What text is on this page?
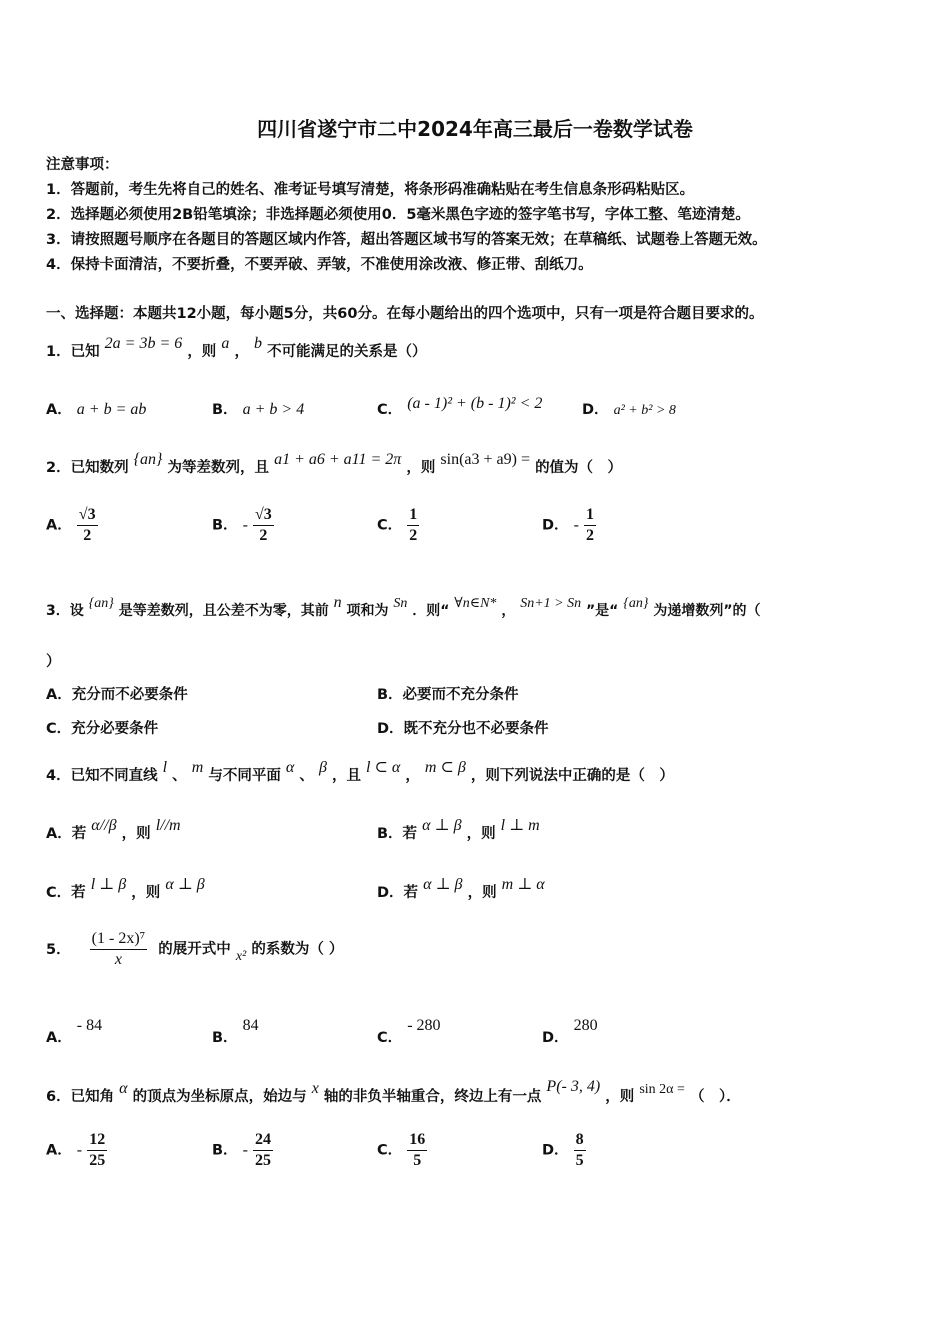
四川省遂宁市二中2024年高三最后一卷数学试卷
注意事项：
1．答题前，考生先将自己的姓名、准考证号填写清楚，将条形码准确粘贴在考生信息条形码粘贴区。
2．选择题必须使用2B铅笔填涂；非选择题必须使用0．5毫米黑色字迹的签字笔书写，字体工整、笔迹清楚。
3．请按照题号顺序在各题目的答题区域内作答，超出答题区域书写的答案无效；在草稿纸、试题卷上答题无效。
4．保持卡面清洁，不要折叠，不要弄破、弄皱，不准使用涂改液、修正带、刮纸刀。
一、选择题：本题共12小题，每小题5分，共60分。在每小题给出的四个选项中，只有一项是符合题目要求的。
1．已知 2a = 3b = 6 ，则 a ， b 不可能满足的关系是（）
A． a + b = ab	B． a + b > 4	C． (a - 1)² + (b - 1)² < 2	D． a² + b² > 8
2．已知数列 {an} 为等差数列，且 a1 + a6 + a11 = 2π ，则 sin(a3 + a9) = 的值为（　）
A． $\frac{√3}{2}$	B． - $\frac{√3}{2}$	C． $\frac{1}{2}$	D． - $\frac{1}{2}$
3．设 {an} 是等差数列，且公差不为零，其前 n 项和为 Sn ．则“ ∀n∈N* ， Sn+1 > Sn ”是“ {an} 为递增数列”的（
）
A．充分而不必要条件	B．必要而不充分条件
C．充分必要条件	D．既不充分也不必要条件
4．已知不同直线 l 、 m 与不同平面 α 、 β ，且 l ⊂ α ， m ⊂ β ，则下列说法中正确的是（　）
A．若 α//β ，则 l//m	B．若 α ⊥ β ，则 l ⊥ m
C．若 l ⊥ β ，则 α ⊥ β	D．若 α ⊥ β ，则 m ⊥ α
5． $\frac{\text{(1 - 2x)⁷}}{x}$ 的展开式中 x² 的系数为（ ）
A． - 84
B． 84
C． - 280
D． 280
6．已知角 α 的顶点为坐标原点，始边与 x 轴的非负半轴重合，终边上有一点 P(- 3, 4) ，则 sin 2α = （　）．
A． - $\frac{12}{25}$	B． - $\frac{24}{25}$	C． $\frac{16}{5}$	D． $\frac{8}{5}$
